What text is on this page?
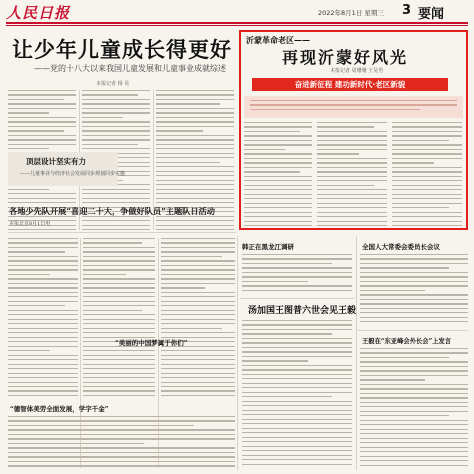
人民日报	2022年8月1日 星期三 3 要闻
让少年儿童成长得更好
——党的十八大以来我国儿童发展和儿童事业成就综述
本报记者 杨 昊
顶层设计坚实有力
——儿童事业与经济社会发展同步规划同步实施
各地少先队开展“喜迎二十大，争做好队员”主题队日活动
本报北京8月1日电
沂蒙革命老区——
再现沂蒙好风光
本报记者 周珊珊 王昊男
奋进新征程 建功新时代·老区新貌
“美丽的中国梦属于你们”
“德智体美劳全面发展，学字千金”
韩正在黑龙江调研	全国人大常委会委员长会议
汤加国王图普六世会见王毅
王毅在“东亚峰会外长会”上发言
